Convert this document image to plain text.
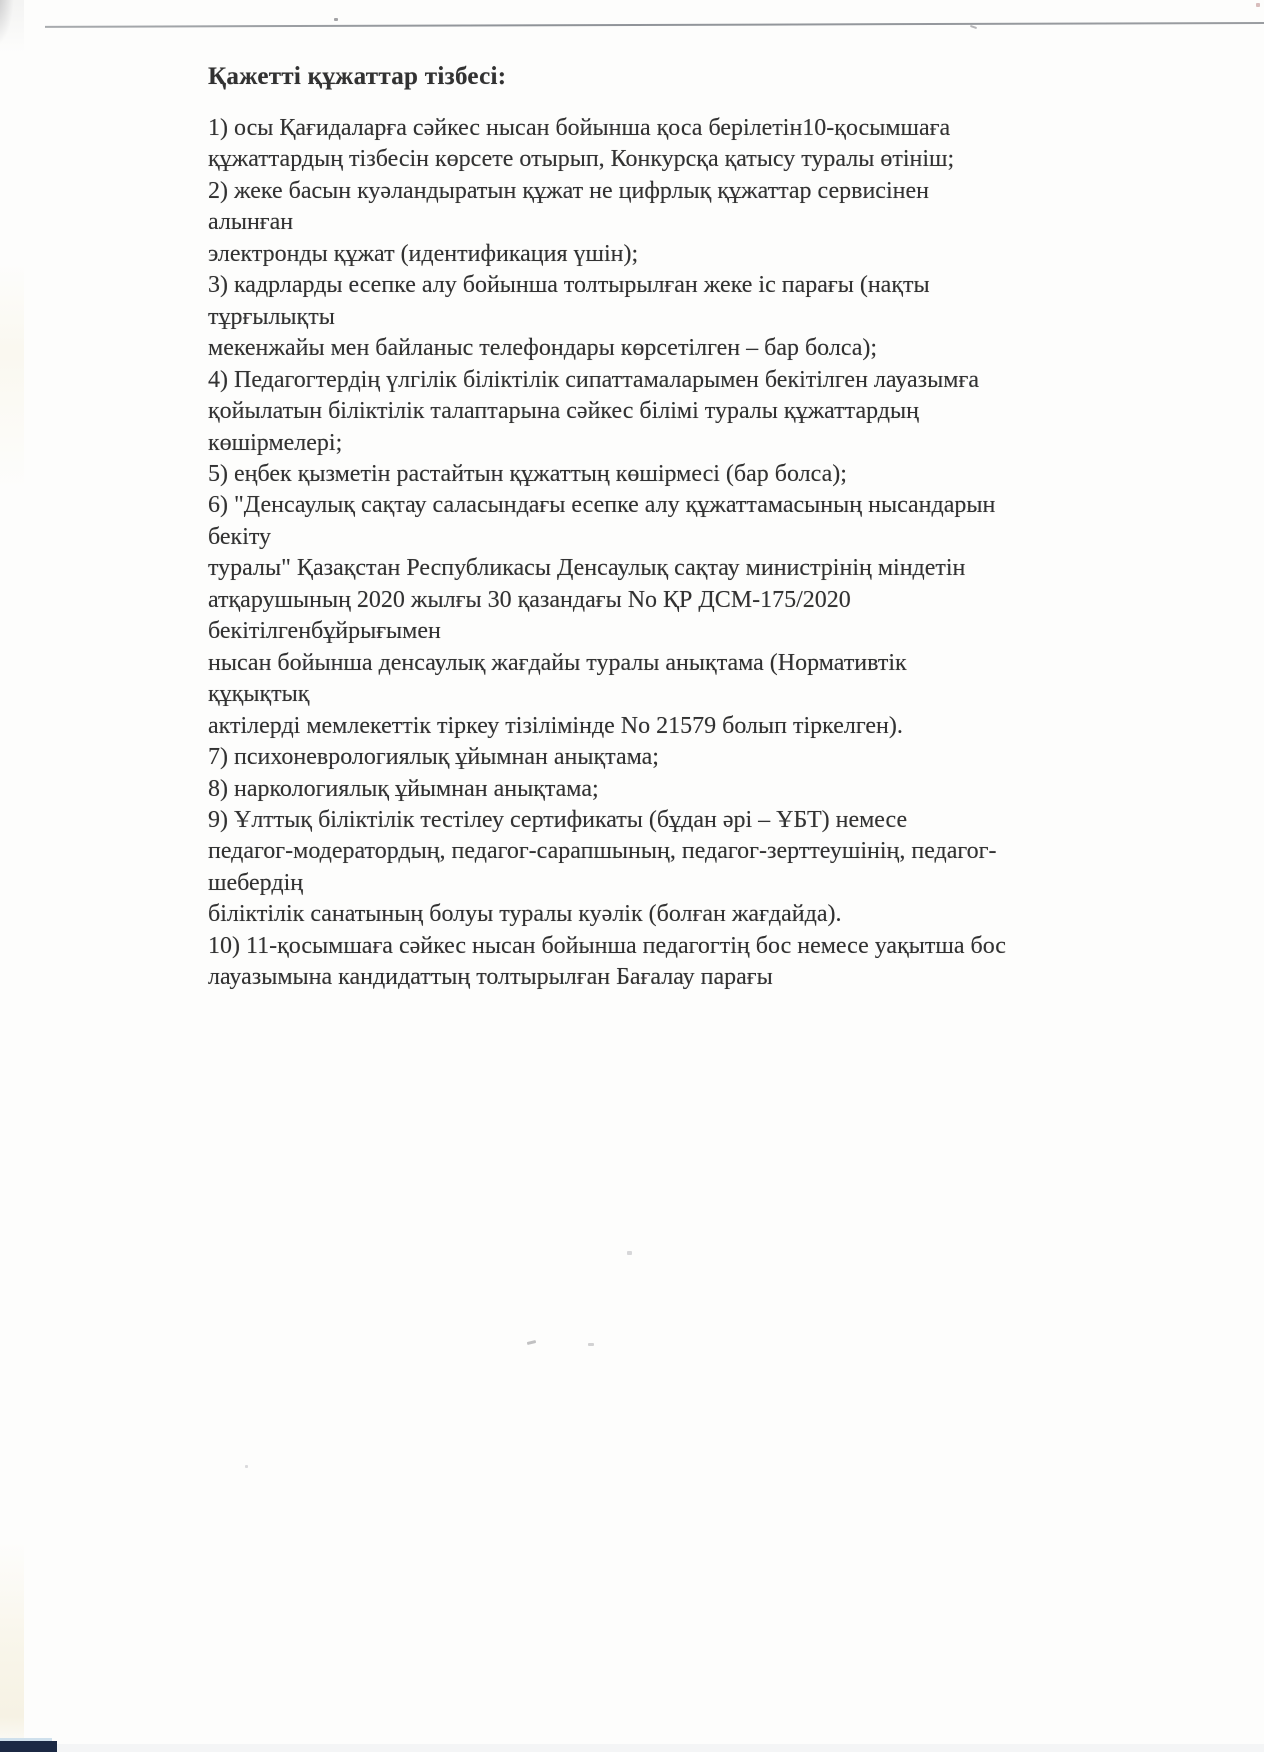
Қажетті құжаттар тізбесі:
1) осы Қағидаларға сәйкес нысан бойынша қоса берілетін10-қосымшаға
құжаттардың тізбесін көрсете отырып, Конкурсқа қатысу туралы өтініш;
2) жеке басын куәландыратын құжат не цифрлық құжаттар сервисінен
алынған
электронды құжат (идентификация үшін);
3) кадрларды есепке алу бойынша толтырылған жеке іс парағы (нақты
тұрғылықты
мекенжайы мен байланыс телефондары көрсетілген – бар болса);
4) Педагогтердің үлгілік біліктілік сипаттамаларымен бекітілген лауазымға
қойылатын біліктілік талаптарына сәйкес білімі туралы құжаттардың
көшірмелері;
5) еңбек қызметін растайтын құжаттың көшірмесі (бар болса);
6) "Денсаулық сақтау саласындағы есепке алу құжаттамасының нысандарын
бекіту
туралы" Қазақстан Республикасы Денсаулық сақтау министрінің міндетін
атқарушының 2020 жылғы 30 қазандағы No ҚР ДСМ-175/2020
бекітілгенбұйрығымен
нысан бойынша денсаулық жағдайы туралы анықтама (Нормативтік
құқықтық
актілерді мемлекеттік тіркеу тізілімінде No 21579 болып тіркелген).
7) психоневрологиялық ұйымнан анықтама;
8) наркологиялық ұйымнан анықтама;
9) Ұлттық біліктілік тестілеу сертификаты (бұдан әрі – ҰБТ) немесе
педагог-модератордың, педагог-сарапшының, педагог-зерттеушінің, педагог-
шебердің
біліктілік санатының болуы туралы куәлік (болған жағдайда).
10) 11-қосымшаға сәйкес нысан бойынша педагогтің бос немесе уақытша бос
лауазымына кандидаттың толтырылған Бағалау парағы
